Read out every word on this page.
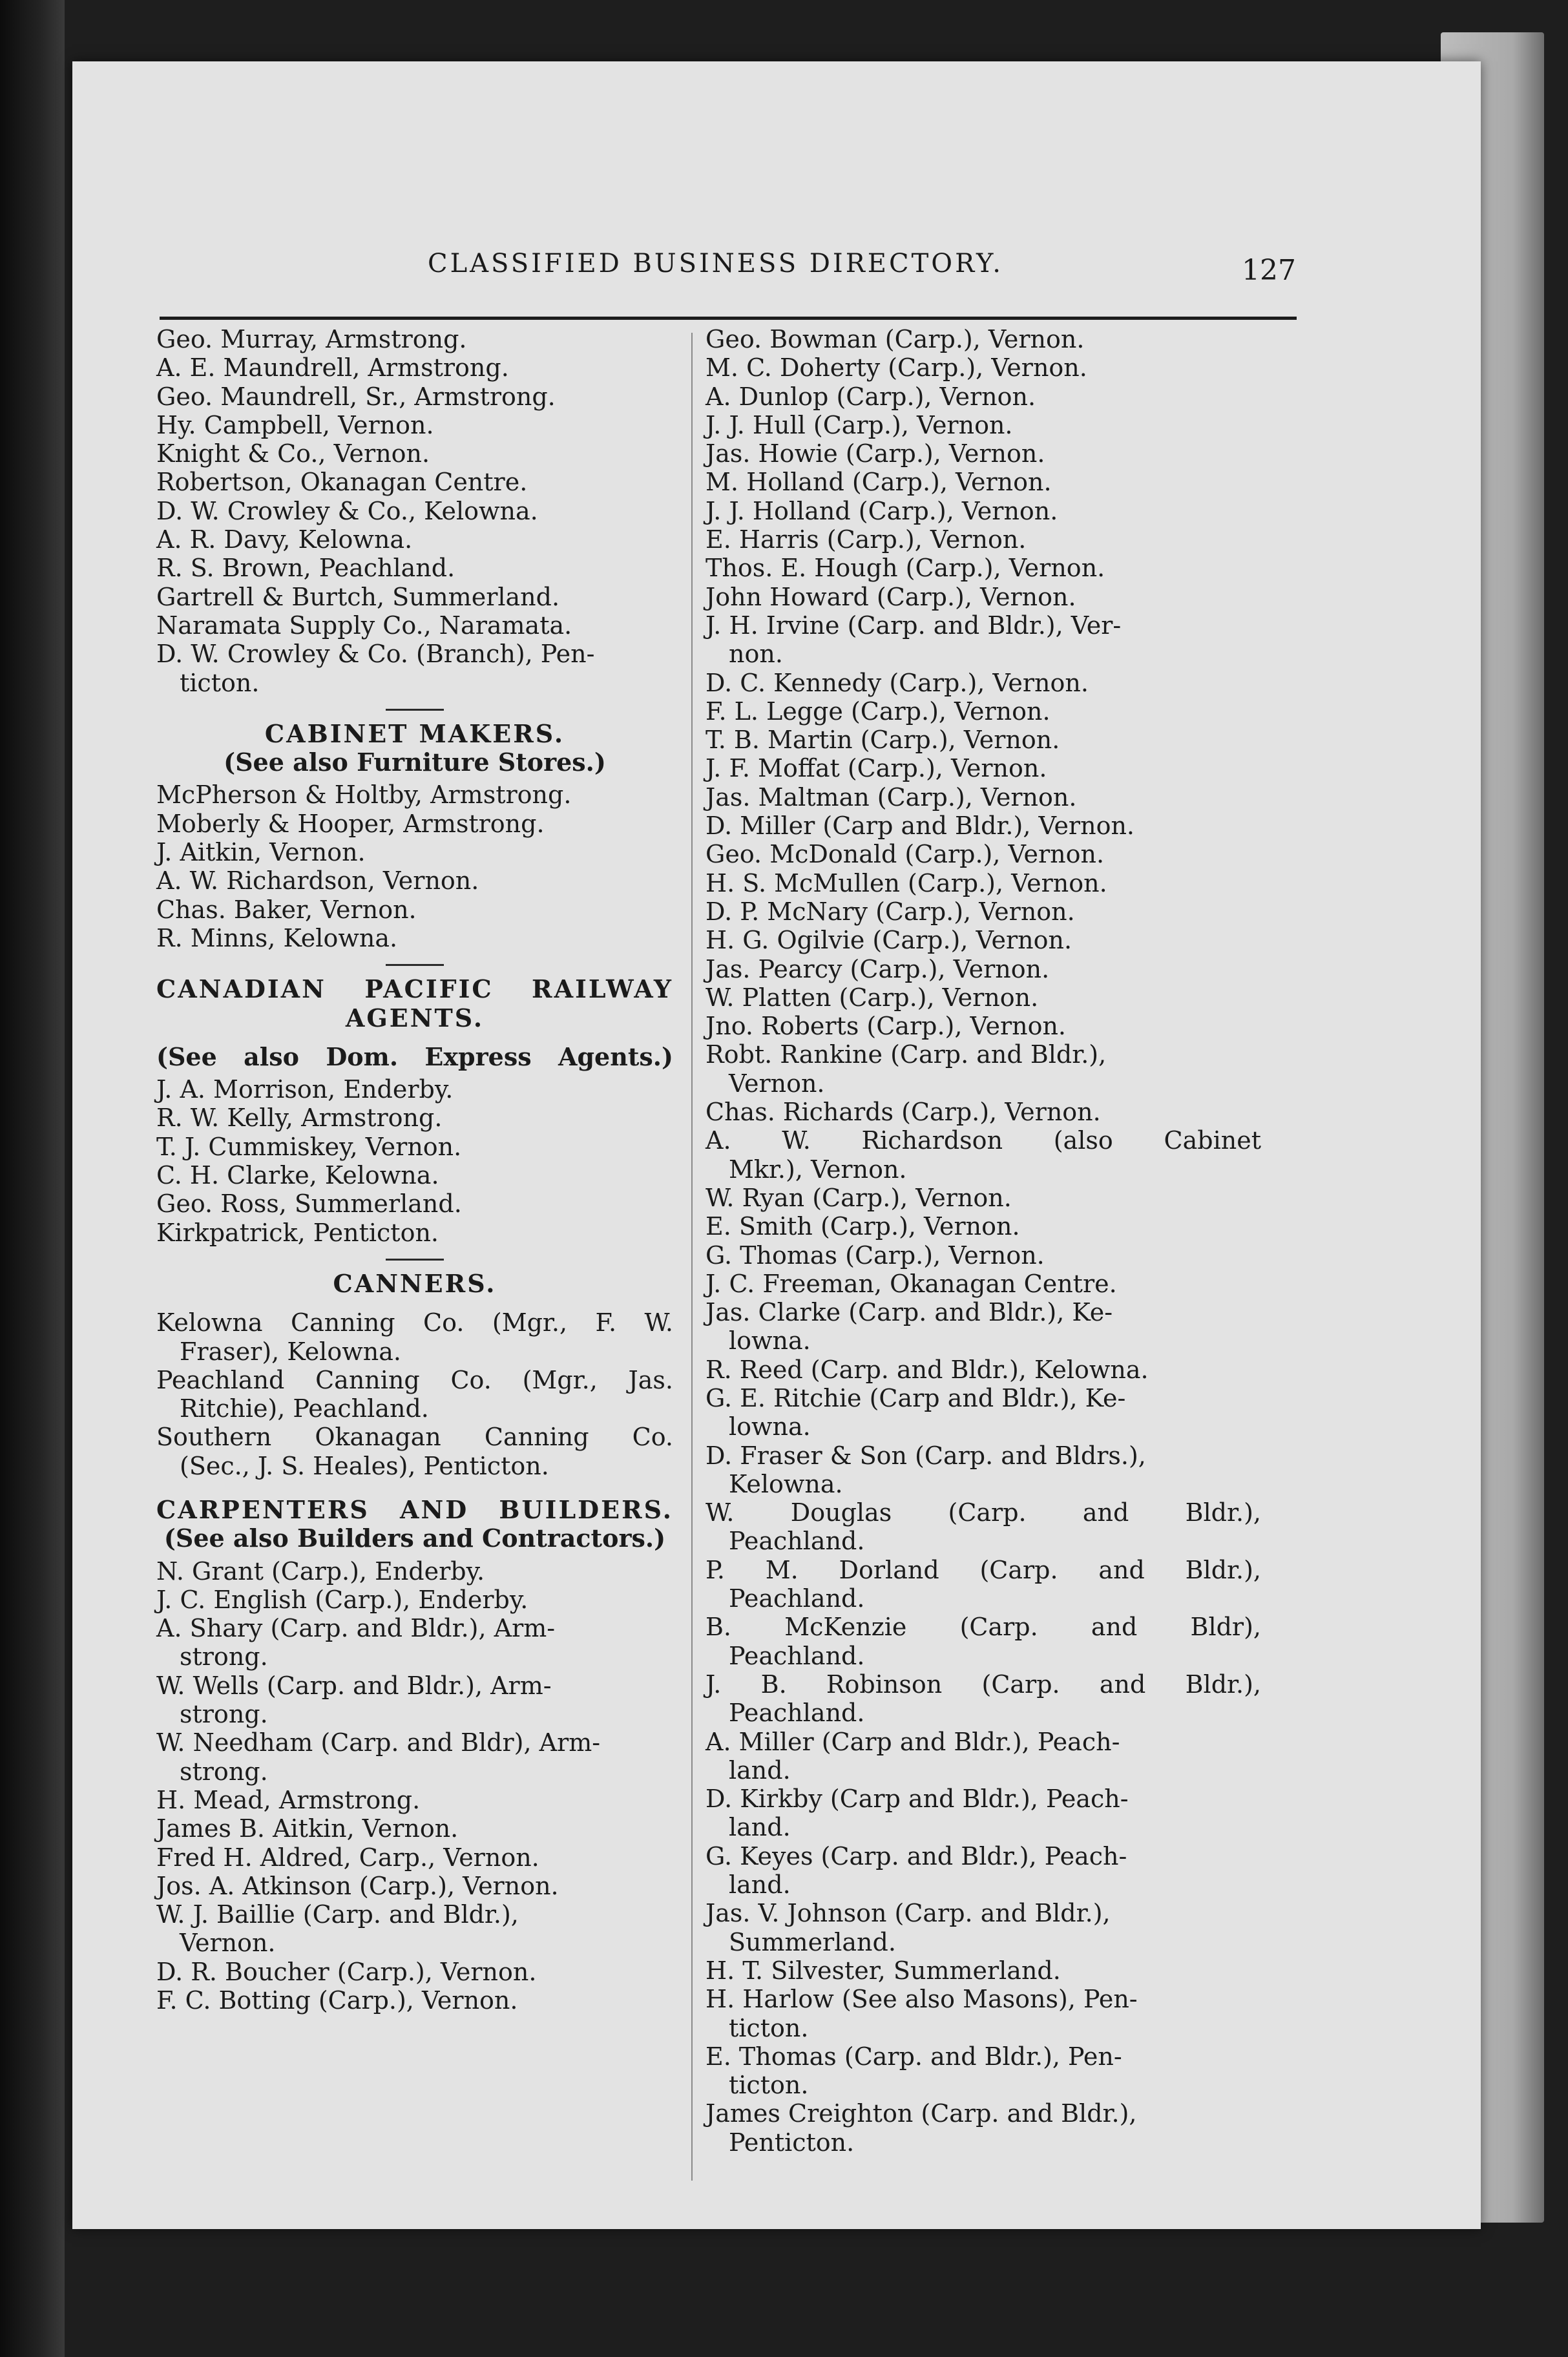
CLASSIFIED BUSINESS DIRECTORY.	127
Geo. Murray, Armstrong.
A. E. Maundrell, Armstrong.
Geo. Maundrell, Sr., Armstrong.
Hy. Campbell, Vernon.
Knight & Co., Vernon.
Robertson, Okanagan Centre.
D. W. Crowley & Co., Kelowna.
A. R. Davy, Kelowna.
R. S. Brown, Peachland.
Gartrell & Burtch, Summerland.
Naramata Supply Co., Naramata.
D. W. Crowley & Co. (Branch), Pen-
ticton.
CABINET MAKERS.
(See also Furniture Stores.)
McPherson & Holtby, Armstrong.
Moberly & Hooper, Armstrong.
J. Aitkin, Vernon.
A. W. Richardson, Vernon.
Chas. Baker, Vernon.
R. Minns, Kelowna.
CANADIAN PACIFIC RAILWAY
AGENTS.
(See also Dom. Express Agents.)
J. A. Morrison, Enderby.
R. W. Kelly, Armstrong.
T. J. Cummiskey, Vernon.
C. H. Clarke, Kelowna.
Geo. Ross, Summerland.
Kirkpatrick, Penticton.
CANNERS.
Kelowna Canning Co. (Mgr., F. W.
Fraser), Kelowna.
Peachland Canning Co. (Mgr., Jas.
Ritchie), Peachland.
Southern Okanagan Canning Co.
(Sec., J. S. Heales), Penticton.
CARPENTERS AND BUILDERS.
(See also Builders and Contractors.)
N. Grant (Carp.), Enderby.
J. C. English (Carp.), Enderby.
A. Shary (Carp. and Bldr.), Arm-
strong.
W. Wells (Carp. and Bldr.), Arm-
strong.
W. Needham (Carp. and Bldr), Arm-
strong.
H. Mead, Armstrong.
James B. Aitkin, Vernon.
Fred H. Aldred, Carp., Vernon.
Jos. A. Atkinson (Carp.), Vernon.
W. J. Baillie (Carp. and Bldr.),
Vernon.
D. R. Boucher (Carp.), Vernon.
F. C. Botting (Carp.), Vernon.
Geo. Bowman (Carp.), Vernon.
M. C. Doherty (Carp.), Vernon.
A. Dunlop (Carp.), Vernon.
J. J. Hull (Carp.), Vernon.
Jas. Howie (Carp.), Vernon.
M. Holland (Carp.), Vernon.
J. J. Holland (Carp.), Vernon.
E. Harris (Carp.), Vernon.
Thos. E. Hough (Carp.), Vernon.
John Howard (Carp.), Vernon.
J. H. Irvine (Carp. and Bldr.), Ver-
non.
D. C. Kennedy (Carp.), Vernon.
F. L. Legge (Carp.), Vernon.
T. B. Martin (Carp.), Vernon.
J. F. Moffat (Carp.), Vernon.
Jas. Maltman (Carp.), Vernon.
D. Miller (Carp and Bldr.), Vernon.
Geo. McDonald (Carp.), Vernon.
H. S. McMullen (Carp.), Vernon.
D. P. McNary (Carp.), Vernon.
H. G. Ogilvie (Carp.), Vernon.
Jas. Pearcy (Carp.), Vernon.
W. Platten (Carp.), Vernon.
Jno. Roberts (Carp.), Vernon.
Robt. Rankine (Carp. and Bldr.),
Vernon.
Chas. Richards (Carp.), Vernon.
A. W. Richardson (also Cabinet
Mkr.), Vernon.
W. Ryan (Carp.), Vernon.
E. Smith (Carp.), Vernon.
G. Thomas (Carp.), Vernon.
J. C. Freeman, Okanagan Centre.
Jas. Clarke (Carp. and Bldr.), Ke-
lowna.
R. Reed (Carp. and Bldr.), Kelowna.
G. E. Ritchie (Carp and Bldr.), Ke-
lowna.
D. Fraser & Son (Carp. and Bldrs.),
Kelowna.
W. Douglas (Carp. and Bldr.),
Peachland.
P. M. Dorland (Carp. and Bldr.),
Peachland.
B. McKenzie (Carp. and Bldr),
Peachland.
J. B. Robinson (Carp. and Bldr.),
Peachland.
A. Miller (Carp and Bldr.), Peach-
land.
D. Kirkby (Carp and Bldr.), Peach-
land.
G. Keyes (Carp. and Bldr.), Peach-
land.
Jas. V. Johnson (Carp. and Bldr.),
Summerland.
H. T. Silvester, Summerland.
H. Harlow (See also Masons), Pen-
ticton.
E. Thomas (Carp. and Bldr.), Pen-
ticton.
James Creighton (Carp. and Bldr.),
Penticton.
